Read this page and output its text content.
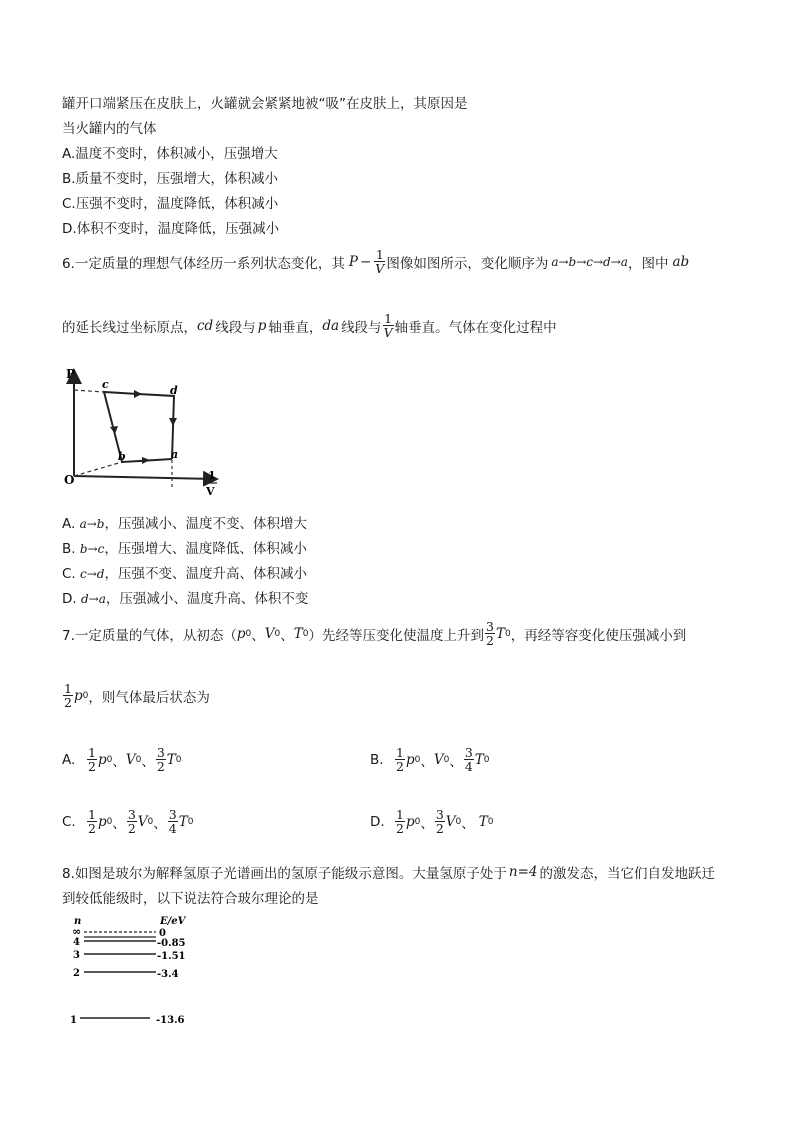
罐开口端紧压在皮肤上，火罐就会紧紧地被“吸”在皮肤上，其原因是
当火罐内的气体
A.温度不变时，体积减小，压强增大
B.质量不变时，压强增大，体积减小
C.压强不变时，温度降低，体积减小
D.体积不变时，温度降低，压强减小
6.一定质量的理想气体经历一系列状态变化，其 $P - \frac{1}{V}$ 图像如图所示，变化顺序为 a→b→c→d→a ，图中 ab
的延长线过坐标原点， cd 线段与 p 轴垂直， da 线段与 $\frac{1}{V}$ 轴垂直。气体在变化过程中
P
O
c	d
b	a
1
V
A. a→b，压强减小、温度不变、体积增大
B. b→c，压强增大、温度降低、体积减小
C. c→d，压强不变、温度升高、体积减小
D. d→a，压强减小、温度升高、体积不变
7.一定质量的气体，从初态（ p 0 、 V 0 、 T 0 ）先经等压变化使温度上升到 $\frac{3}{2}$ T 0 ，再经等容变化使压强减小到
$\frac{1}{2}$ p 0 ，则气体最后状态为
A. $\frac{1}{2}$ p 0 、 V 0 、 $\frac{3}{2}$ T 0	B. $\frac{1}{2}$ p 0 、 V 0 、 $\frac{3}{4}$ T 0
C. $\frac{1}{2}$ p 0 、 $\frac{3}{2}$ V 0 、 $\frac{3}{4}$ T 0	D. $\frac{1}{2}$ p 0 、 $\frac{3}{2}$ V 0 、 T 0
8.如图是玻尔为解释氢原子光谱画出的氢原子能级示意图。大量氢原子处于 n=4 的激发态，当它们自发地跃迁
到较低能级时，以下说法符合玻尔理论的是
n	E/eV
∞	0
4	-0.85
3	-1.51
2	-3.4
1	-13.6
